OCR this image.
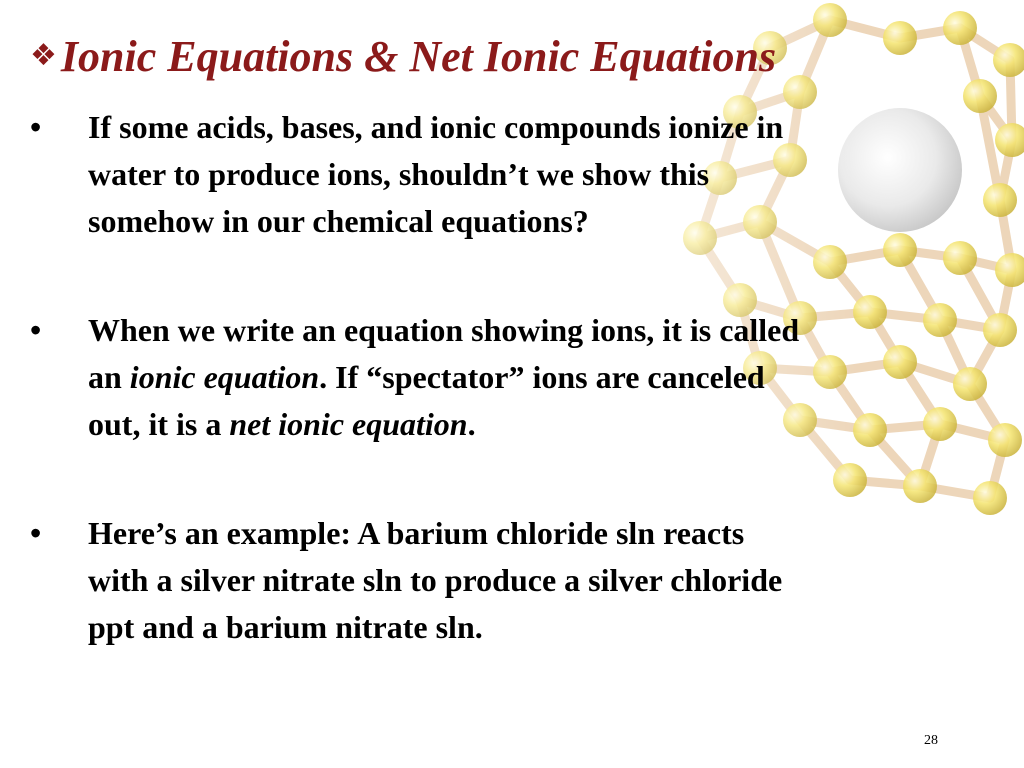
❖Ionic Equations & Net Ionic Equations
• If some acids, bases, and ionic compounds ionize in
water to produce ions, shouldn’t we show this
somehow in our chemical equations?
• When we write an equation showing ions, it is called
an ionic equation. If “spectator” ions are canceled
out, it is a net ionic equation.
• Here’s an example: A barium chloride sln reacts
with a silver nitrate sln to produce a silver chloride
ppt and a barium nitrate sln.
28
